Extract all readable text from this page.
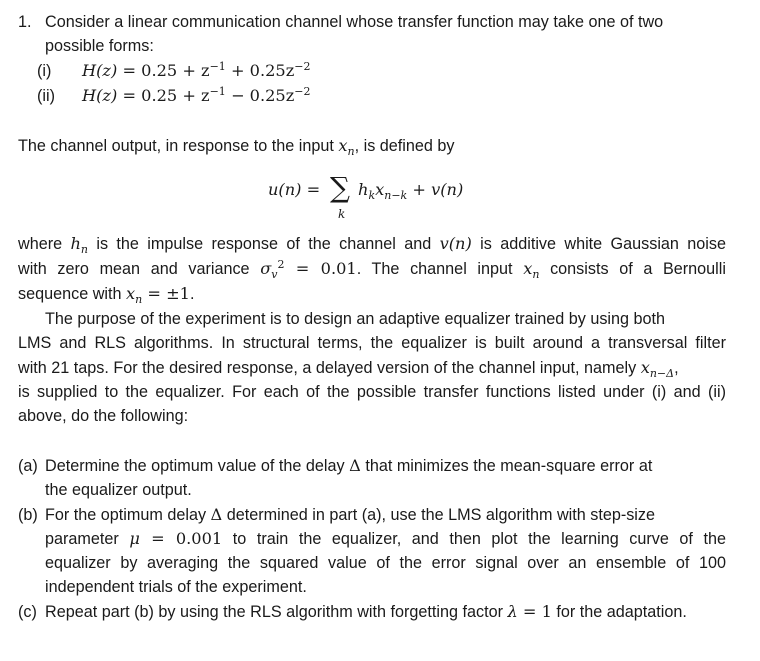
1. Consider a linear communication channel whose transfer function may take one of two
possible forms:
(i) $H(z) = 0.25 + z^{-1} + 0.25z^{-2}$
(ii) $H(z) = 0.25 + z^{-1} - 0.25z^{-2}$
The channel output, in response to the input $x_n$, is defined by
u(n) = ∑
k
$h_kx_{n-k} + v(n)$
where $h_n$ is the impulse response of the channel and v(n) is additive white Gaussian noise
with zero mean and variance $\sigma_v^2 = 0.01$. The channel input $x_n$ consists of a Bernoulli
sequence with $x_n = \pm 1$.
The purpose of the experiment is to design an adaptive equalizer trained by using both
LMS and RLS algorithms. In structural terms, the equalizer is built around a transversal filter
with 21 taps. For the desired response, a delayed version of the channel input, namely $x_{n-\Delta}$,
is supplied to the equalizer. For each of the possible transfer functions listed under (i) and (ii)
above, do the following:
(a) Determine the optimum value of the delay Δ that minimizes the mean-square error at
the equalizer output.
(b) For the optimum delay Δ determined in part (a), use the LMS algorithm with step-size
parameter μ = 0.001 to train the equalizer, and then plot the learning curve of the
equalizer by averaging the squared value of the error signal over an ensemble of 100
independent trials of the experiment.
(c) Repeat part (b) by using the RLS algorithm with forgetting factor λ = 1 for the adaptation.
